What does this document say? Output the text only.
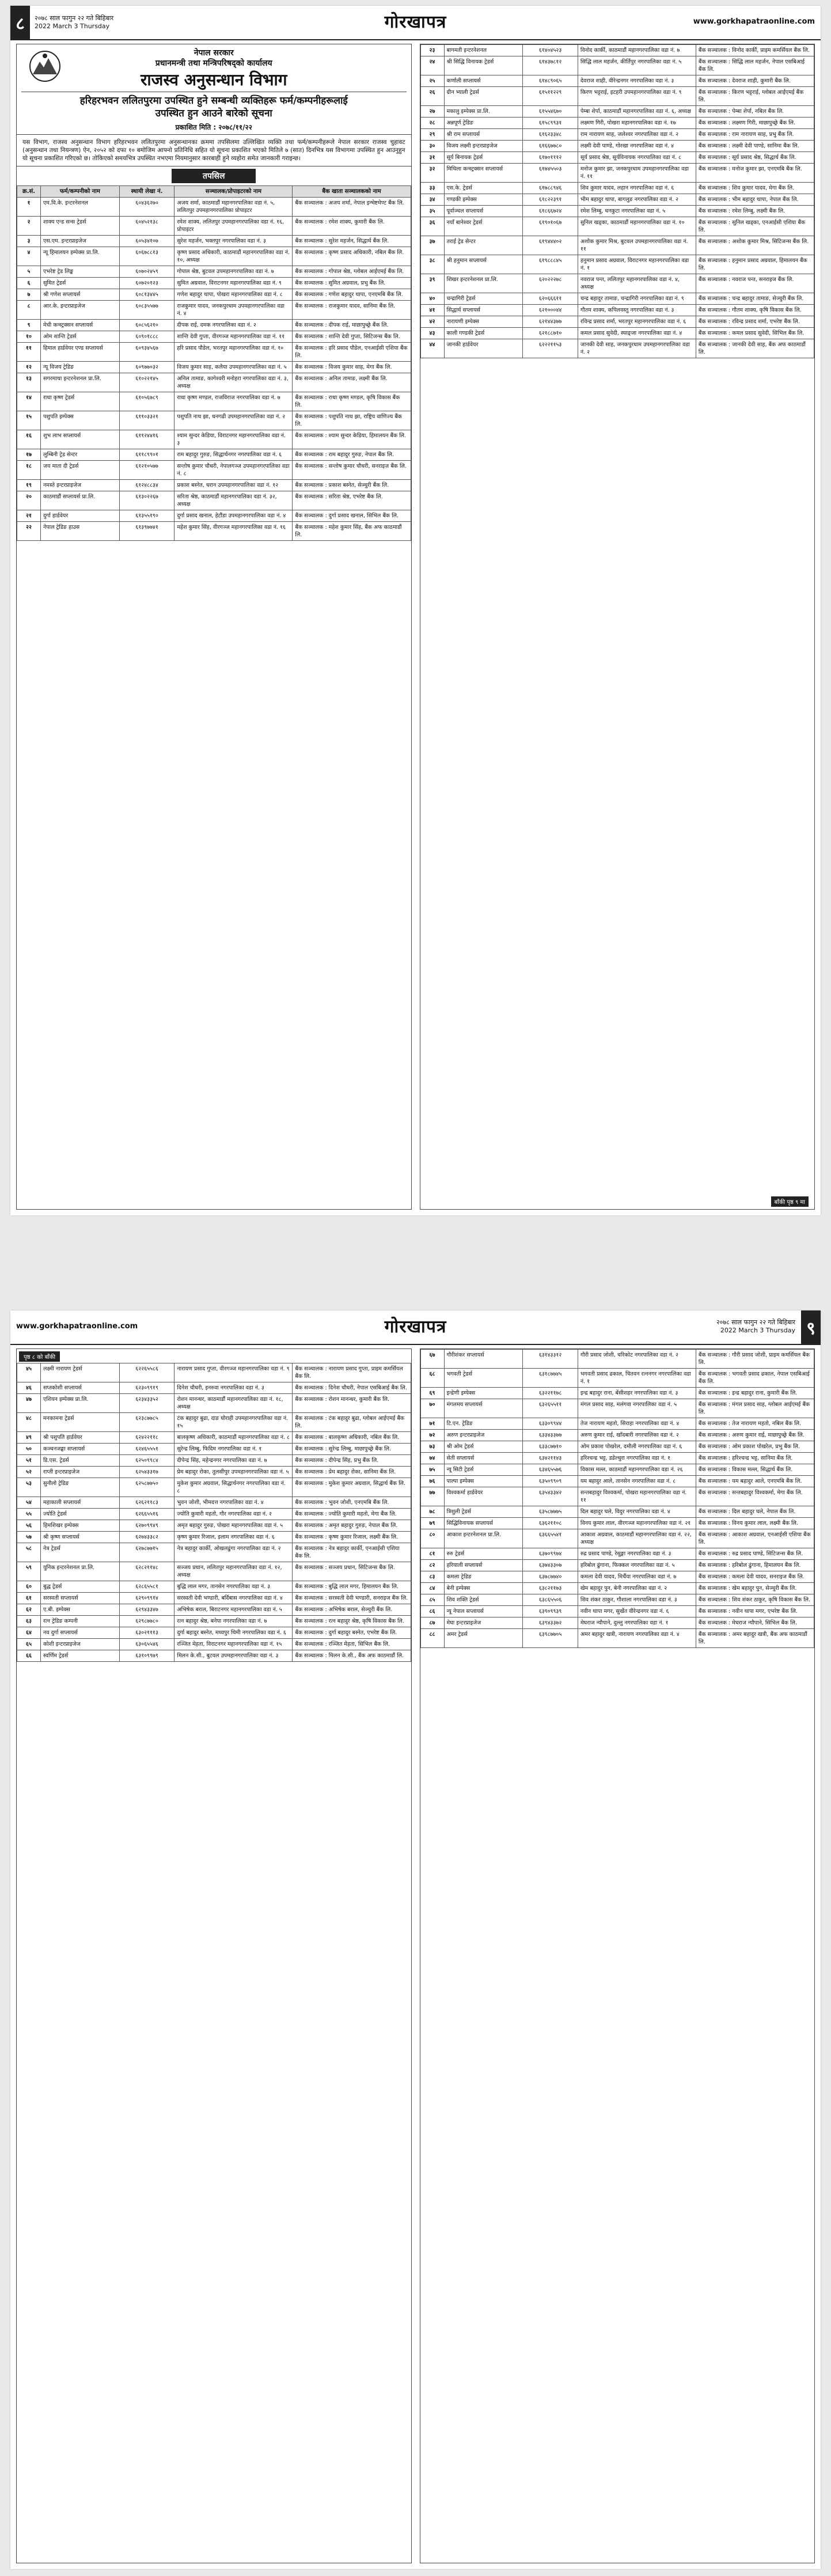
८	२०७८ साल फागुन २२ गते बिहिबार
2022 March 3 Thursday	गोरखापत्र	www.gorkhapatraonline.com
नेपाल सरकार
प्रधानमन्त्री तथा मन्त्रिपरिषद्को कार्यालय
राजस्व अनुसन्धान विभाग
हरिहरभवन ललितपुरमा उपस्थित हुने सम्बन्धी व्यक्तिहरू फर्म/कम्पनीहरूलाई
उपस्थित हुन आउने बारेको सूचना
प्रकाशित मिति : २०७८/११/२२
यस विभाग, राजस्व अनुसन्धान विभाग हरिहरभवन ललितपुरमा अनुसन्धानका क्रममा तपसिलमा उल्लिखित व्यक्ति तथा फर्म/कम्पनीहरूले नेपाल सरकार राजस्व चुहावट (अनुसन्धान तथा नियन्त्रण) ऐन, २०५२ को दफा १० बमोजिम आफ्नो प्रतिनिधि सहित यो सूचना प्रकाशित भएको मितिले ७ (सात) दिनभित्र यस विभागमा उपस्थित हुन आउनुहुन यो सूचना प्रकाशित गरिएको छ। तोकिएको समयभित्र उपस्थित नभएमा नियमानुसार कारबाही हुने व्यहोरा समेत जानकारी गराइन्छ।
तपसिल
क्र.सं.	फर्म/कम्पनीको नाम	स्थायी लेखा नं.	सञ्चालक/प्रोपाइटरको नाम	बैंक खाता सञ्चालकको नाम
१	एम.वि.के. इन्टरनेशनल	६०४३६२७०	अजय शर्मा, काठमाडौं महानगरपालिका वडा नं. ५, ललितपुर उपमहानगरपालिका प्रोपाइटर	बैंक सञ्चालक : अजय शर्मा, नेपाल इन्भेष्टमेण्ट बैंक लि.
२	शाक्य एन्ड सन्स ट्रेडर्स	६०४५२१३८	रमेश शाक्य, ललितपुर उपमहानगरपालिका वडा नं. १६, प्रोपाइटर	बैंक सञ्चालक : रमेश शाक्य, कुमारी बैंक लि.
३	एस.एम. इन्टरप्राइजेज	६०५३४१०७	सुरेश महर्जन, भक्तपुर नगरपालिका वडा नं. ३	बैंक सञ्चालक : सुरेश महर्जन, सिद्धार्थ बैंक लि.
४	न्यू हिमालयन इम्पेक्स प्रा.लि.	६०६७८८१३	कृष्ण प्रसाद अधिकारी, काठमाडौं महानगरपालिका वडा नं. १०, अध्यक्ष	बैंक सञ्चालक : कृष्ण प्रसाद अधिकारी, नबिल बैंक लि.
५	एभरेष्ट ट्रेड लिङ्क	६०७०२४५९	गोपाल श्रेष्ठ, बुटवल उपमहानगरपालिका वडा नं. ७	बैंक सञ्चालक : गोपाल श्रेष्ठ, ग्लोबल आईएमई बैंक लि.
६	सुमित ट्रेडर्स	६०७२०१२३	सुमित अग्रवाल, विराटनगर महानगरपालिका वडा नं. ९	बैंक सञ्चालक : सुमित अग्रवाल, प्रभु बैंक लि.
७	श्री गणेश सप्लायर्स	६०८१३४४५	गणेश बहादुर थापा, पोखरा महानगरपालिका वडा नं. ८	बैंक सञ्चालक : गणेश बहादुर थापा, एनएमबि बैंक लि.
८	आर.के. इन्टरप्राइजेज	६०८३५५७७	राजकुमार यादव, जनकपुरधाम उपमहानगरपालिका वडा नं. ४	बैंक सञ्चालक : राजकुमार यादव, सानिमा बैंक लि.
९	मेची कन्स्ट्रक्सन सप्लायर्स	६०८५६२१०	दीपक राई, दमक नगरपालिका वडा नं. २	बैंक सञ्चालक : दीपक राई, माछापुच्छ्रे बैंक लि.
१०	ओम शान्ति ट्रेडर्स	६०९०१८८८	शान्ति देवी गुप्ता, वीरगञ्ज महानगरपालिका वडा नं. ११	बैंक सञ्चालक : शान्ति देवी गुप्ता, सिटिजन्स बैंक लि.
११	हिमाल हार्डवेयर एण्ड सप्लायर्स	६०९३४५६७	हरि प्रसाद पौडेल, भरतपुर महानगरपालिका वडा नं. १०	बैंक सञ्चालक : हरि प्रसाद पौडेल, एनआईसी एशिया बैंक लि.
१२	न्यू विजय ट्रेडिङ	६०९७७०३२	विजय कुमार साह, कलैया उपमहानगरपालिका वडा नं. ५	बैंक सञ्चालक : विजय कुमार साह, मेगा बैंक लि.
१३	सगरमाथा इन्टरनेशनल प्रा.लि.	६१०२२१४५	अनिल तामाङ, कागेश्वरी मनोहरा नगरपालिका वडा नं. ३, अध्यक्ष	बैंक सञ्चालक : अनिल तामाङ, लक्ष्मी बैंक लि.
१४	राधा कृष्ण ट्रेडर्स	६१०५६७८९	राधा कृष्ण मण्डल, राजविराज नगरपालिका वडा नं. ७	बैंक सञ्चालक : राधा कृष्ण मण्डल, कृषि विकास बैंक लि.
१५	पशुपति इम्पेक्स	६११०३३२१	पशुपति नाथ झा, धनगढी उपमहानगरपालिका वडा नं. २	बैंक सञ्चालक : पशुपति नाथ झा, राष्ट्रिय वाणिज्य बैंक लि.
१६	शुभ लाभ सप्लायर्स	६११२४४१६	श्याम सुन्दर केडिया, विराटनगर महानगरपालिका वडा नं. ३	बैंक सञ्चालक : श्याम सुन्दर केडिया, हिमालयन बैंक लि.
१७	लुम्बिनी ट्रेड सेन्टर	६११८९९०१	राम बहादुर गुरुङ, सिद्धार्थनगर नगरपालिका वडा नं. ६	बैंक सञ्चालक : राम बहादुर गुरुङ, नेपाल बैंक लि.
१८	जय माता दी ट्रेडर्स	६१२१०५७७	सन्तोष कुमार चौधरी, नेपालगञ्ज उपमहानगरपालिका वडा नं. ८	बैंक सञ्चालक : सन्तोष कुमार चौधरी, सनराइज बैंक लि.
१९	नमस्ते इन्टरप्राइजेज	६१२४८८३४	प्रकाश बस्नेत, धरान उपमहानगरपालिका वडा नं. १२	बैंक सञ्चालक : प्रकाश बस्नेत, सेञ्चुरी बैंक लि.
२०	काठमाडौं सप्लायर्स प्रा.लि.	६१३०२२६७	सरिता श्रेष्ठ, काठमाडौं महानगरपालिका वडा नं. ३२, अध्यक्ष	बैंक सञ्चालक : सरिता श्रेष्ठ, एभरेष्ट बैंक लि.
२१	दुर्गा हार्डवेयर	६१३५५१९०	दुर्गा प्रसाद खनाल, हेटौंडा उपमहानगरपालिका वडा नं. ४	बैंक सञ्चालक : दुर्गा प्रसाद खनाल, सिभिल बैंक लि.
२२	नेपाल ट्रेडिङ हाउस	६१३९७७४१	महेश कुमार सिंह, वीरगञ्ज महानगरपालिका वडा नं. १६	बैंक सञ्चालक : महेश कुमार सिंह, बैंक अफ काठमाडौं लि.
२३	बागमती इन्टरनेशनल	६१४०४५२३	विनोद कार्की, काठमाडौं महानगरपालिका वडा नं. ७	बैंक सञ्चालक : विनोद कार्की, प्राइम कमर्सियल बैंक लि.
२४	श्री सिद्धि विनायक ट्रेडर्स	६१४३७८१२	सिद्धि लाल महर्जन, कीर्तिपुर नगरपालिका वडा नं. ५	बैंक सञ्चालक : सिद्धि लाल महर्जन, नेपाल एसबिआई बैंक लि.
२५	कर्णाली सप्लायर्स	६१४८९०६५	देवराज शाही, वीरेन्द्रनगर नगरपालिका वडा नं. ३	बैंक सञ्चालक : देवराज शाही, कुमारी बैंक लि.
२६	ग्रीन भ्याली ट्रेडर्स	६१५११२२९	किरण भट्टराई, इटहरी उपमहानगरपालिका वडा नं. ९	बैंक सञ्चालक : किरण भट्टराई, ग्लोबल आईएमई बैंक लि.
२७	मकालु इम्पेक्स प्रा.लि.	६१५५४६७०	पेम्बा शेर्पा, काठमाडौं महानगरपालिका वडा नं. ६, अध्यक्ष	बैंक सञ्चालक : पेम्बा शेर्पा, नबिल बैंक लि.
२८	अन्नपूर्ण ट्रेडिङ	६१५८९९३१	लक्ष्मण गिरी, पोखरा महानगरपालिका वडा नं. १७	बैंक सञ्चालक : लक्ष्मण गिरी, माछापुच्छ्रे बैंक लि.
२९	श्री राम सप्लायर्स	६१६२३३४८	राम नारायण साह, जलेश्वर नगरपालिका वडा नं. २	बैंक सञ्चालक : राम नारायण साह, प्रभु बैंक लि.
३०	विजय लक्ष्मी इन्टरप्राइजेज	६१६६७७८०	लक्ष्मी देवी पाण्डे, गोरखा नगरपालिका वडा नं. ४	बैंक सञ्चालक : लक्ष्मी देवी पाण्डे, सानिमा बैंक लि.
३१	सूर्य बिनायक ट्रेडर्स	६१७०१११२	सूर्य प्रसाद श्रेष्ठ, सूर्यविनायक नगरपालिका वडा नं. ८	बैंक सञ्चालक : सूर्य प्रसाद श्रेष्ठ, सिद्धार्थ बैंक लि.
३२	मिथिला कन्स्ट्रक्सन सप्लायर्स	६१७४५५०३	मनोज कुमार झा, जनकपुरधाम उपमहानगरपालिका वडा नं. ११	बैंक सञ्चालक : मनोज कुमार झा, एनएमबि बैंक लि.
३३	एस.के. ट्रेडर्स	६१७८८९४६	शिव कुमार यादव, लहान नगरपालिका वडा नं. ६	बैंक सञ्चालक : शिव कुमार यादव, मेगा बैंक लि.
३४	गण्डकी इम्पेक्स	६१८२२३९१	भीम बहादुर थापा, बागलुङ नगरपालिका वडा नं. २	बैंक सञ्चालक : भीम बहादुर थापा, नेपाल बैंक लि.
३५	पूर्वाञ्चल सप्लायर्स	६१८६६७२४	रमेश लिम्बु, धनकुटा नगरपालिका वडा नं. ५	बैंक सञ्चालक : रमेश लिम्बु, लक्ष्मी बैंक लि.
३६	नयाँ बानेश्वर ट्रेडर्स	६१९०१०६७	सुनिल खड्का, काठमाडौं महानगरपालिका वडा नं. १०	बैंक सञ्चालक : सुनिल खड्का, एनआईसी एशिया बैंक लि.
३७	तराई ट्रेड सेन्टर	६१९४४४०२	अशोक कुमार मिश्र, बुटवल उपमहानगरपालिका वडा नं. ११	बैंक सञ्चालक : अशोक कुमार मिश्र, सिटिजन्स बैंक लि.
३८	श्री हनुमान सप्लायर्स	६१९८८८४५	हनुमान प्रसाद अग्रवाल, विराटनगर महानगरपालिका वडा नं. १	बैंक सञ्चालक : हनुमान प्रसाद अग्रवाल, हिमालयन बैंक लि.
३९	शिखर इन्टरनेशनल प्रा.लि.	६२०२२२७८	नवराज पन्त, ललितपुर महानगरपालिका वडा नं. ४, अध्यक्ष	बैंक सञ्चालक : नवराज पन्त, सनराइज बैंक लि.
४०	चन्द्रागिरी ट्रेडर्स	६२०६६६११	चन्द्र बहादुर तामाङ, चन्द्रागिरी नगरपालिका वडा नं. ९	बैंक सञ्चालक : चन्द्र बहादुर तामाङ, सेञ्चुरी बैंक लि.
४१	सिद्धार्थ सप्लायर्स	६२१०००४४	गौतम शाक्य, कपिलवस्तु नगरपालिका वडा नं. ३	बैंक सञ्चालक : गौतम शाक्य, कृषि विकास बैंक लि.
४२	नारायणी इम्पेक्स	६२१४४३७७	रविन्द्र प्रसाद शर्मा, भरतपुर महानगरपालिका वडा नं. ६	बैंक सञ्चालक : रविन्द्र प्रसाद शर्मा, एभरेष्ट बैंक लि.
४३	काली गण्डकी ट्रेडर्स	६२१८८७१०	कमल प्रसाद सुवेदी, स्याङ्जा नगरपालिका वडा नं. ४	बैंक सञ्चालक : कमल प्रसाद सुवेदी, सिभिल बैंक लि.
४४	जानकी हार्डवेयर	६२२२११५३	जानकी देवी साह, जनकपुरधाम उपमहानगरपालिका वडा नं. २	बैंक सञ्चालक : जानकी देवी साह, बैंक अफ काठमाडौं लि.
बाँकी पृष्ठ ९ मा
www.gorkhapatraonline.com	गोरखापत्र	२०७८ साल फागुन २२ गते बिहिबार
2022 March 3 Thursday ९
पृष्ठ ८ को बाँकी
४५	लक्ष्मी नारायण ट्रेडर्स	६२२६५५८६	नारायण प्रसाद गुप्ता, वीरगञ्ज महानगरपालिका वडा नं. ९	बैंक सञ्चालक : नारायण प्रसाद गुप्ता, प्राइम कमर्सियल बैंक लि.
४६	सप्तकोशी सप्लायर्स	६२३०९९१९	दिनेश चौधरी, इनरुवा नगरपालिका वडा नं. ३	बैंक सञ्चालक : दिनेश चौधरी, नेपाल एसबिआई बैंक लि.
४७	एशियन इम्पेक्स प्रा.लि.	६२३४३३५२	रोशन मानन्धर, काठमाडौं महानगरपालिका वडा नं. १८, अध्यक्ष	बैंक सञ्चालक : रोशन मानन्धर, कुमारी बैंक लि.
४८	मनकामना ट्रेडर्स	६२३८७७८५	टंक बहादुर बुढा, दाङ घोराही उपमहानगरपालिका वडा नं. १५	बैंक सञ्चालक : टंक बहादुर बुढा, ग्लोबल आईएमई बैंक लि.
४९	श्री पशुपति हार्डवेयर	६२४२२११८	बालकृष्ण अधिकारी, काठमाडौं महानगरपालिका वडा नं. ८	बैंक सञ्चालक : बालकृष्ण अधिकारी, नबिल बैंक लि.
५०	कञ्चनजङ्घा सप्लायर्स	६२४६५५५१	सुरेन्द्र लिम्बु, फिदिम नगरपालिका वडा नं. १	बैंक सञ्चालक : सुरेन्द्र लिम्बु, माछापुच्छ्रे बैंक लि.
५१	डि.एस. ट्रेडर्स	६२५०९९८४	दीपेन्द्र सिंह, महेन्द्रनगर नगरपालिका वडा नं. ७	बैंक सञ्चालक : दीपेन्द्र सिंह, प्रभु बैंक लि.
५२	राप्ती इन्टरप्राइजेज	६२५४३३१७	प्रेम बहादुर रोका, तुलसीपुर उपमहानगरपालिका वडा नं. ५	बैंक सञ्चालक : प्रेम बहादुर रोका, सानिमा बैंक लि.
५३	सुनौलो ट्रेडिङ	६२५८७७५०	मुकेश कुमार अग्रवाल, सिद्धार्थनगर नगरपालिका वडा नं. ८	बैंक सञ्चालक : मुकेश कुमार अग्रवाल, सिद्धार्थ बैंक लि.
५४	महाकाली सप्लायर्स	६२६२११८३	भुवन जोशी, भीमदत्त नगरपालिका वडा नं. ४	बैंक सञ्चालक : भुवन जोशी, एनएमबि बैंक लि.
५५	ज्योति ट्रेडर्स	६२६६५५१६	ज्योति कुमारी महतो, गौर नगरपालिका वडा नं. २	बैंक सञ्चालक : ज्योति कुमारी महतो, मेगा बैंक लि.
५६	हिमशिखर इम्पेक्स	६२७०९९४९	अमृत बहादुर गुरुङ, पोखरा महानगरपालिका वडा नं. ५	बैंक सञ्चालक : अमृत बहादुर गुरुङ, नेपाल बैंक लि.
५७	श्री कृष्ण सप्लायर्स	६२७४३३८२	कृष्ण कुमार रिजाल, इलाम नगरपालिका वडा नं. ६	बैंक सञ्चालक : कृष्ण कुमार रिजाल, लक्ष्मी बैंक लि.
५८	नेत्र ट्रेडर्स	६२७८७७१५	नेत्र बहादुर कार्की, ओखलढुंगा नगरपालिका वडा नं. २	बैंक सञ्चालक : नेत्र बहादुर कार्की, एनआईसी एशिया बैंक लि.
५९	युनिक इन्टरनेशनल प्रा.लि.	६२८२११४८	सञ्जय प्रधान, ललितपुर महानगरपालिका वडा नं. १२, अध्यक्ष	बैंक सञ्चालक : सञ्जय प्रधान, सिटिजन्स बैंक लि.
६०	बुद्ध ट्रेडर्स	६२८६५५८१	बुद्धि लाल मगर, तानसेन नगरपालिका वडा नं. ३	बैंक सञ्चालक : बुद्धि लाल मगर, हिमालयन बैंक लि.
६१	सरस्वती सप्लायर्स	६२९०९९१४	सरस्वती देवी भण्डारी, बर्दिबास नगरपालिका वडा नं. ४	बैंक सञ्चालक : सरस्वती देवी भण्डारी, सनराइज बैंक लि.
६२	ए.बी. इम्पेक्स	६२९४३३४७	अभिषेक बराल, बिराटनगर महानगरपालिका वडा नं. ५	बैंक सञ्चालक : अभिषेक बराल, सेञ्चुरी बैंक लि.
६३	रत्न ट्रेडिङ कम्पनी	६२९८७७८०	रत्न बहादुर श्रेष्ठ, बनेपा नगरपालिका वडा नं. ७	बैंक सञ्चालक : रत्न बहादुर श्रेष्ठ, कृषि विकास बैंक लि.
६४	नव दुर्गा सप्लायर्स	६३०२१११३	दुर्गा बहादुर बस्नेत, मध्यपुर थिमी नगरपालिका वडा नं. ६	बैंक सञ्चालक : दुर्गा बहादुर बस्नेत, एभरेष्ट बैंक लि.
६५	कोशी इन्टरप्राइजेज	६३०६५५४६	रञ्जित मेहता, विराटनगर महानगरपालिका वडा नं. १५	बैंक सञ्चालक : रञ्जित मेहता, सिभिल बैंक लि.
६६	स्वर्णिम ट्रेडर्स	६३१०९९७९	मिलन के.सी., बुटवल उपमहानगरपालिका वडा नं. ३	बैंक सञ्चालक : मिलन के.सी., बैंक अफ काठमाडौं लि.
६७	गौरीशंकर सप्लायर्स	६३१४३३१२	गौरी प्रसाद जोशी, चरिकोट नगरपालिका वडा नं. २	बैंक सञ्चालक : गौरी प्रसाद जोशी, प्राइम कमर्सियल बैंक लि.
६८	भगवती ट्रेडर्स	६३१८७७४५	भगवती प्रसाद ढकाल, चितवन रत्ननगर नगरपालिका वडा नं. १	बैंक सञ्चालक : भगवती प्रसाद ढकाल, नेपाल एसबिआई बैंक लि.
६९	इन्द्रेणी इम्पेक्स	६३२२११७८	इन्द्र बहादुर राना, बेंसीशहर नगरपालिका वडा नं. ३	बैंक सञ्चालक : इन्द्र बहादुर राना, कुमारी बैंक लि.
७०	मंगलमय सप्लायर्स	६३२६५५११	मंगल प्रसाद साह, मलंगवा नगरपालिका वडा नं. ५	बैंक सञ्चालक : मंगल प्रसाद साह, ग्लोबल आईएमई बैंक लि.
७१	टि.एन. ट्रेडिङ	६३३०९९४४	तेज नारायण महतो, सिराहा नगरपालिका वडा नं. ४	बैंक सञ्चालक : तेज नारायण महतो, नबिल बैंक लि.
७२	अरुण इन्टरप्राइजेज	६३३४३३७७	अरुण कुमार राई, खाँदबारी नगरपालिका वडा नं. २	बैंक सञ्चालक : अरुण कुमार राई, माछापुच्छ्रे बैंक लि.
७३	श्री ओम ट्रेडर्स	६३३८७७१०	ओम प्रकाश पोखरेल, दमौली नगरपालिका वडा नं. ६	बैंक सञ्चालक : ओम प्रकाश पोखरेल, प्रभु बैंक लि.
७४	सेती सप्लायर्स	६३४२११४३	हरिश्चन्द्र भट्ट, डडेल्धुरा नगरपालिका वडा नं. १	बैंक सञ्चालक : हरिश्चन्द्र भट्ट, सानिमा बैंक लि.
७५	न्यू सिटी ट्रेडर्स	६३४६५५७६	विकास मल्ल, काठमाडौं महानगरपालिका वडा नं. २६	बैंक सञ्चालक : विकास मल्ल, सिद्धार्थ बैंक लि.
७६	पाल्पा इम्पेक्स	६३५०९९०९	यम बहादुर आले, तानसेन नगरपालिका वडा नं. ८	बैंक सञ्चालक : यम बहादुर आले, एनएमबि बैंक लि.
७७	विश्वकर्मा हार्डवेयर	६३५४३३४२	सन्तबहादुर विश्वकर्मा, पोखरा महानगरपालिका वडा नं. ११	बैंक सञ्चालक : सन्तबहादुर विश्वकर्मा, मेगा बैंक लि.
७८	त्रिशुली ट्रेडर्स	६३५८७७७५	दिल बहादुर घले, विदुर नगरपालिका वडा नं. ४	बैंक सञ्चालक : दिल बहादुर घले, नेपाल बैंक लि.
७९	सिद्धिविनायक सप्लायर्स	६३६२११०८	विनय कुमार लाल, वीरगञ्ज महानगरपालिका वडा नं. २१	बैंक सञ्चालक : विनय कुमार लाल, लक्ष्मी बैंक लि.
८०	आकाश इन्टरनेशनल प्रा.लि.	६३६६५५४१	आकाश अग्रवाल, काठमाडौं महानगरपालिका वडा नं. २२, अध्यक्ष	बैंक सञ्चालक : आकाश अग्रवाल, एनआईसी एशिया बैंक लि.
८१	रुरु ट्रेडर्स	६३७०९९७४	रुद्र प्रसाद पाण्डे, रेसुङ्गा नगरपालिका वडा नं. ३	बैंक सञ्चालक : रुद्र प्रसाद पाण्डे, सिटिजन्स बैंक लि.
८२	हरियाली सप्लायर्स	६३७४३३०७	हरिबोल ढुंगाना, फिक्कल नगरपालिका वडा नं. ५	बैंक सञ्चालक : हरिबोल ढुंगाना, हिमालयन बैंक लि.
८३	कमला ट्रेडिङ	६३७८७७४०	कमला देवी यादव, मिर्चैया नगरपालिका वडा नं. ७	बैंक सञ्चालक : कमला देवी यादव, सनराइज बैंक लि.
८४	बेनी इम्पेक्स	६३८२११७३	खेम बहादुर पुन, बेनी नगरपालिका वडा नं. २	बैंक सञ्चालक : खेम बहादुर पुन, सेञ्चुरी बैंक लि.
८५	शिव शक्ति ट्रेडर्स	६३८६५५०६	शिव शंकर ठाकुर, गौशाला नगरपालिका वडा नं. ३	बैंक सञ्चालक : शिव शंकर ठाकुर, कृषि विकास बैंक लि.
८६	न्यू नेपाल सप्लायर्स	६३९०९९३९	नवीन थापा मगर, सुर्खेत वीरेन्द्रनगर वडा नं. ६	बैंक सञ्चालक : नवीन थापा मगर, एभरेष्ट बैंक लि.
८७	मेघा इन्टरप्राइजेज	६३९४३३७२	मेघराज न्यौपाने, दुल्लु नगरपालिका वडा नं. १	बैंक सञ्चालक : मेघराज न्यौपाने, सिभिल बैंक लि.
८८	अमर ट्रेडर्स	६३९८७७०५	अमर बहादुर खत्री, नारायण नगरपालिका वडा नं. ४	बैंक सञ्चालक : अमर बहादुर खत्री, बैंक अफ काठमाडौं लि.
